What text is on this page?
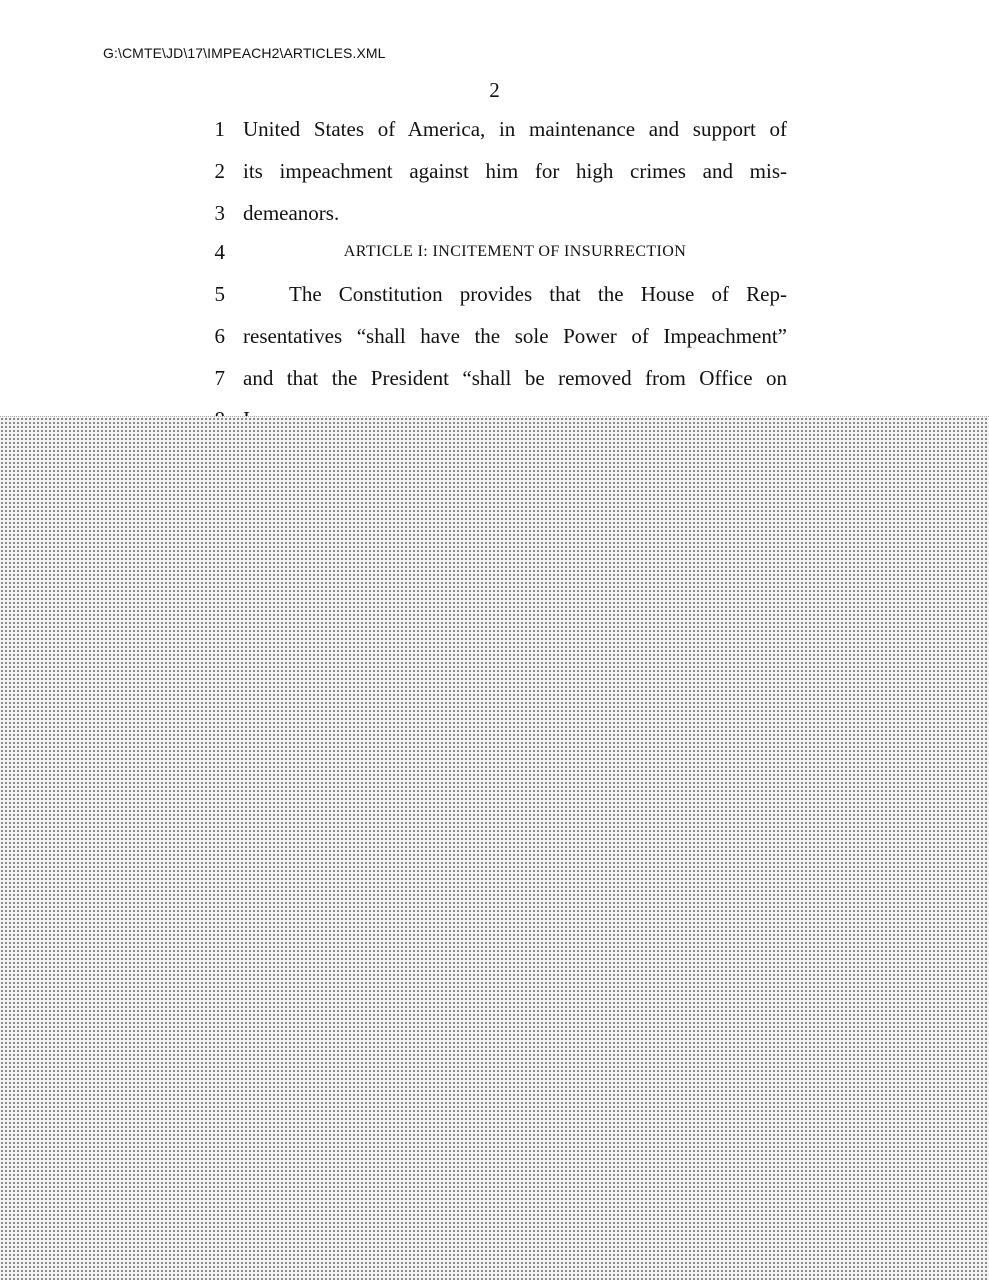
G:\CMTE\JD\17\IMPEACH2\ARTICLES.XML
2
1 United States of America, in maintenance and support of
2 its impeachment against him for high crimes and mis-
3 demeanors.
4	ARTICLE I: INCITEMENT OF INSURRECTION
5	The Constitution provides that the House of Rep-
6 resentatives “shall have the sole Power of Impeachment”
7 and that the President “shall be removed from Office on
